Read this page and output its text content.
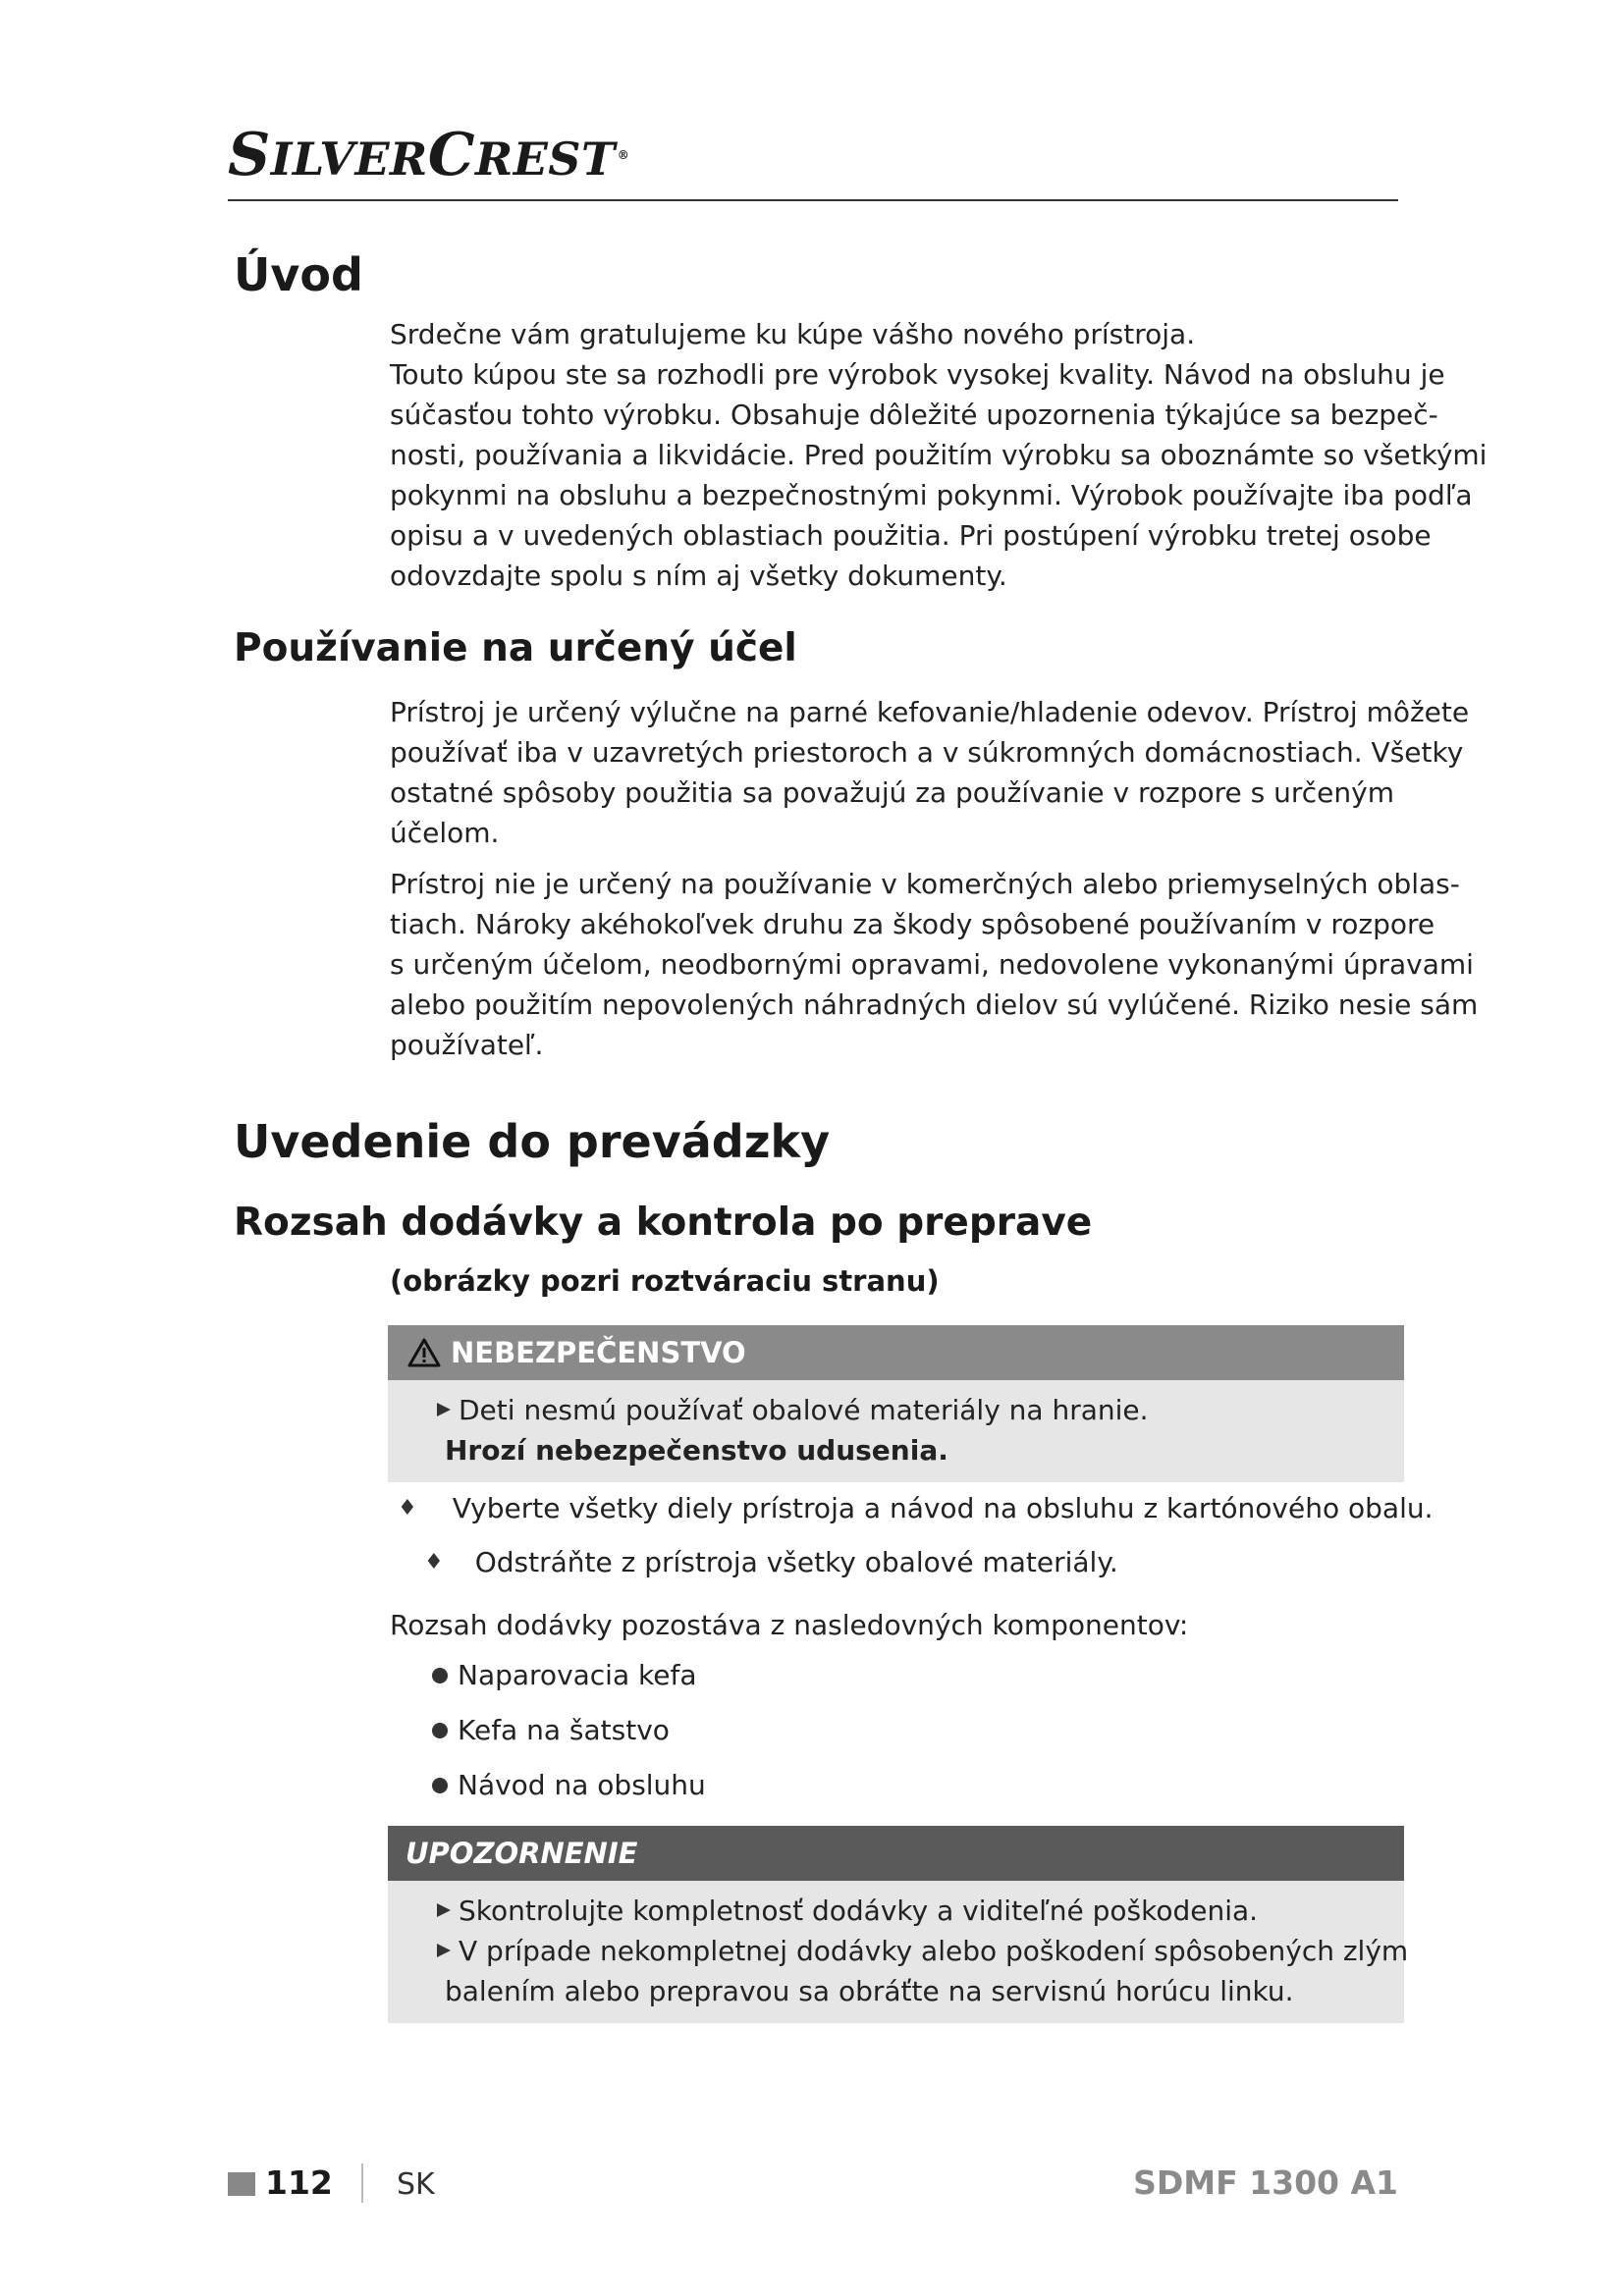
SILVERCREST ®
Úvod
Srdečne vám gratulujeme ku kúpe vášho nového prístroja.
Touto kúpou ste sa rozhodli pre výrobok vysokej kvality. Návod na obsluhu je
súčasťou tohto výrobku. Obsahuje dôležité upozornenia týkajúce sa bezpeč-
nosti, používania a likvidácie. Pred použitím výrobku sa oboznámte so všetkými
pokynmi na obsluhu a bezpečnostnými pokynmi. Výrobok používajte iba podľa
opisu a v uvedených oblastiach použitia. Pri postúpení výrobku tretej osobe
odovzdajte spolu s ním aj všetky dokumenty.
Používanie na určený účel
Prístroj je určený výlučne na parné kefovanie/hladenie odevov. Prístroj môžete
používať iba v uzavretých priestoroch a v súkromných domácnostiach. Všetky
ostatné spôsoby použitia sa považujú za používanie v rozpore s určeným
účelom.
Prístroj nie je určený na používanie v komerčných alebo priemyselných oblas-
tiach. Nároky akéhokoľvek druhu za škody spôsobené používaním v rozpore
s určeným účelom, neodbornými opravami, nedovolene vykonanými úpravami
alebo použitím nepovolených náhradných dielov sú vylúčené. Riziko nesie sám
používateľ.
Uvedenie do prevádzky
Rozsah dodávky a kontrola po preprave
(obrázky pozri roztváraciu stranu)
NEBEZPEČENSTVO
Deti nesmú používať obalové materiály na hranie.
Hrozí nebezpečenstvo udusenia.
♦ Vyberte všetky diely prístroja a návod na obsluhu z kartónového obalu.
♦ Odstráňte z prístroja všetky obalové materiály.
Rozsah dodávky pozostáva z nasledovných komponentov:
Naparovacia kefa
Kefa na šatstvo
Návod na obsluhu
UPOZORNENIE
Skontrolujte kompletnosť dodávky a viditeľné poškodenia.
V prípade nekompletnej dodávky alebo poškodení spôsobených zlým
balením alebo prepravou sa obráťte na servisnú horúcu linku.
112 SK	SDMF 1300 A1
